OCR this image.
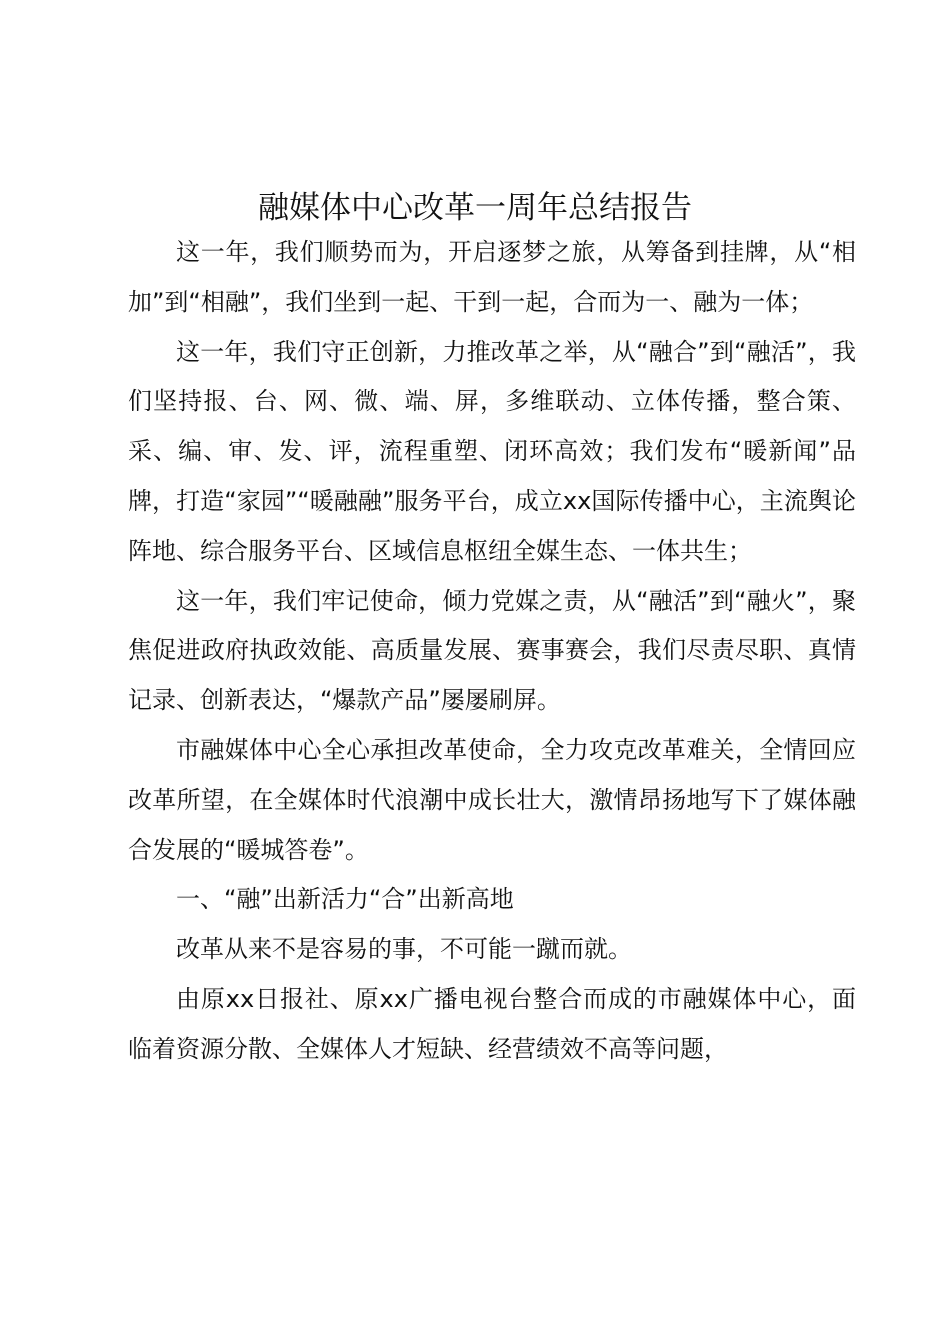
融媒体中心改革一周年总结报告

这一年，我们顺势而为，开启逐梦之旅，从筹备到挂牌，从“相加”到“相融”，我们坐到一起、干到一起，合而为一、融为一体；

这一年，我们守正创新，力推改革之举，从“融合”到“融活”，我们坚持报、台、网、微、端、屏，多维联动、立体传播，整合策、采、编、审、发、评，流程重塑、闭环高效；我们发布“暖新闻”品牌，打造“家园”“暖融融”服务平台，成立xx国际传播中心，主流舆论阵地、综合服务平台、区域信息枢纽全媒生态、一体共生；

这一年，我们牢记使命，倾力党媒之责，从“融活”到“融火”，聚焦促进政府执政效能、高质量发展、赛事赛会，我们尽责尽职、真情记录、创新表达，“爆款产品”屡屡刷屏。

市融媒体中心全心承担改革使命，全力攻克改革难关，全情回应改革所望，在全媒体时代浪潮中成长壮大，激情昂扬地写下了媒体融合发展的“暖城答卷”。

一、“融”出新活力“合”出新高地

改革从来不是容易的事，不可能一蹴而就。

由原xx日报社、原xx广播电视台整合而成的市融媒体中心，面临着资源分散、全媒体人才短缺、经营绩效不高等问题，
